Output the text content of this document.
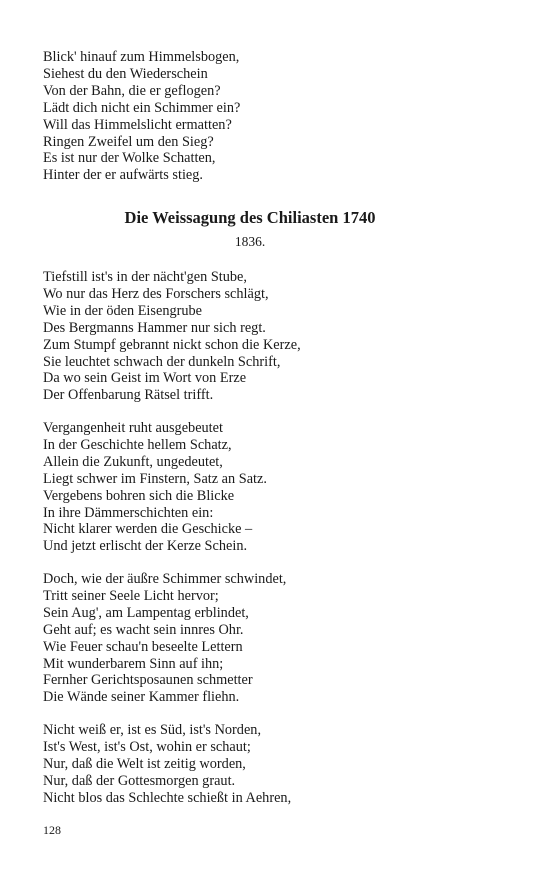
Blick' hinauf zum Himmelsbogen,
Siehest du den Wiederschein
Von der Bahn, die er geflogen?
Lädt dich nicht ein Schimmer ein?
Will das Himmelslicht ermatten?
Ringen Zweifel um den Sieg?
Es ist nur der Wolke Schatten,
Hinter der er aufwärts stieg.
Die Weissagung des Chiliasten 1740

1836.

Tiefstill ist's in der nächt'gen Stube,
Wo nur das Herz des Forschers schlägt,
Wie in der öden Eisengrube
Des Bergmanns Hammer nur sich regt.
Zum Stumpf gebrannt nickt schon die Kerze,
Sie leuchtet schwach der dunkeln Schrift,
Da wo sein Geist im Wort von Erze
Der Offenbarung Rätsel trifft.
Vergangenheit ruht ausgebeutet
In der Geschichte hellem Schatz,
Allein die Zukunft, ungedeutet,
Liegt schwer im Finstern, Satz an Satz.
Vergebens bohren sich die Blicke
In ihre Dämmerschichten ein:
Nicht klarer werden die Geschicke –
Und jetzt erlischt der Kerze Schein.
Doch, wie der äußre Schimmer schwindet,
Tritt seiner Seele Licht hervor;
Sein Aug', am Lampentag erblindet,
Geht auf; es wacht sein innres Ohr.
Wie Feuer schau'n beseelte Lettern
Mit wunderbarem Sinn auf ihn;
Fernher Gerichtsposaunen schmetter
Die Wände seiner Kammer fliehn.
Nicht weiß er, ist es Süd, ist's Norden,
Ist's West, ist's Ost, wohin er schaut;
Nur, daß die Welt ist zeitig worden,
Nur, daß der Gottesmorgen graut.
Nicht blos das Schlechte schießt in Aehren,

128
